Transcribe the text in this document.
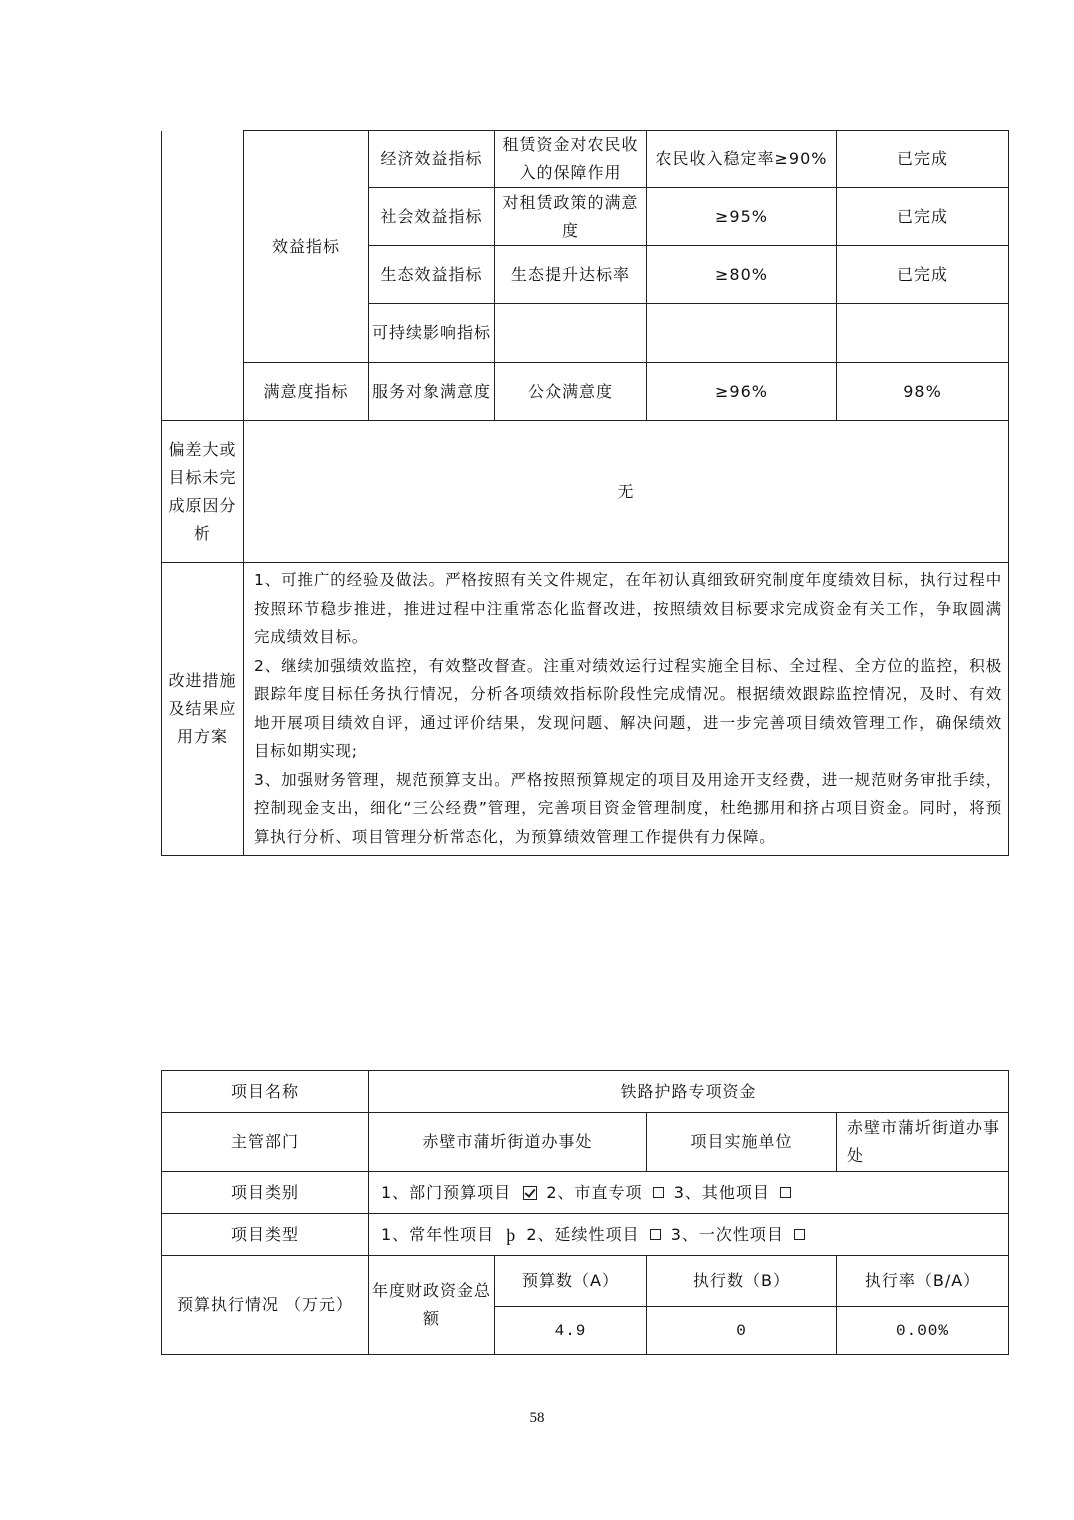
	效益指标	经济效益指标	租赁资金对农民收入的保障作用	农民收入稳定率≥90%	已完成
		社会效益指标	对租赁政策的满意度	≥95%	已完成
		生态效益指标	生态提升达标率	≥80%	已完成
		可持续影响指标			
	满意度指标	服务对象满意度	公众满意度	≥96%	98%
偏差大或目标未完成原因分析	无				
改进措施及结果应用方案	1、可推广的经验及做法。严格按照有关文件规定，在年初认真细致研究制度年度绩效目标，执行过程中按照环节稳步推进，推进过程中注重常态化监督改进，按照绩效目标要求完成资金有关工作，争取圆满完成绩效目标。

2、继续加强绩效监控，有效整改督查。注重对绩效运行过程实施全目标、全过程、全方位的监控，积极跟踪年度目标任务执行情况，分析各项绩效指标阶段性完成情况。根据绩效跟踪监控情况，及时、有效地开展项目绩效自评，通过评价结果，发现问题、解决问题，进一步完善项目绩效管理工作，确保绩效目标如期实现;

3、加强财务管理，规范预算支出。严格按照预算规定的项目及用途开支经费，进一规范财务审批手续，控制现金支出，细化“三公经费”管理，完善项目资金管理制度，杜绝挪用和挤占项目资金。同时，将预算执行分析、项目管理分析常态化，为预算绩效管理工作提供有力保障。				

项目名称	铁路护路专项资金			
主管部门	赤壁市蒲圻街道办事处		项目实施单位	赤壁市蒲圻街道办事处
项目类别	1、部门预算项目 2、市直专项 3、其他项目			
项目类型	1、常年性项目 þ 2、延续性项目 3、一次性项目			
预算执行情况 （万元）	年度财政资金总额	预算数（A）	执行数（B）	执行率（B/A）
		4.9	0	0.00%
58
